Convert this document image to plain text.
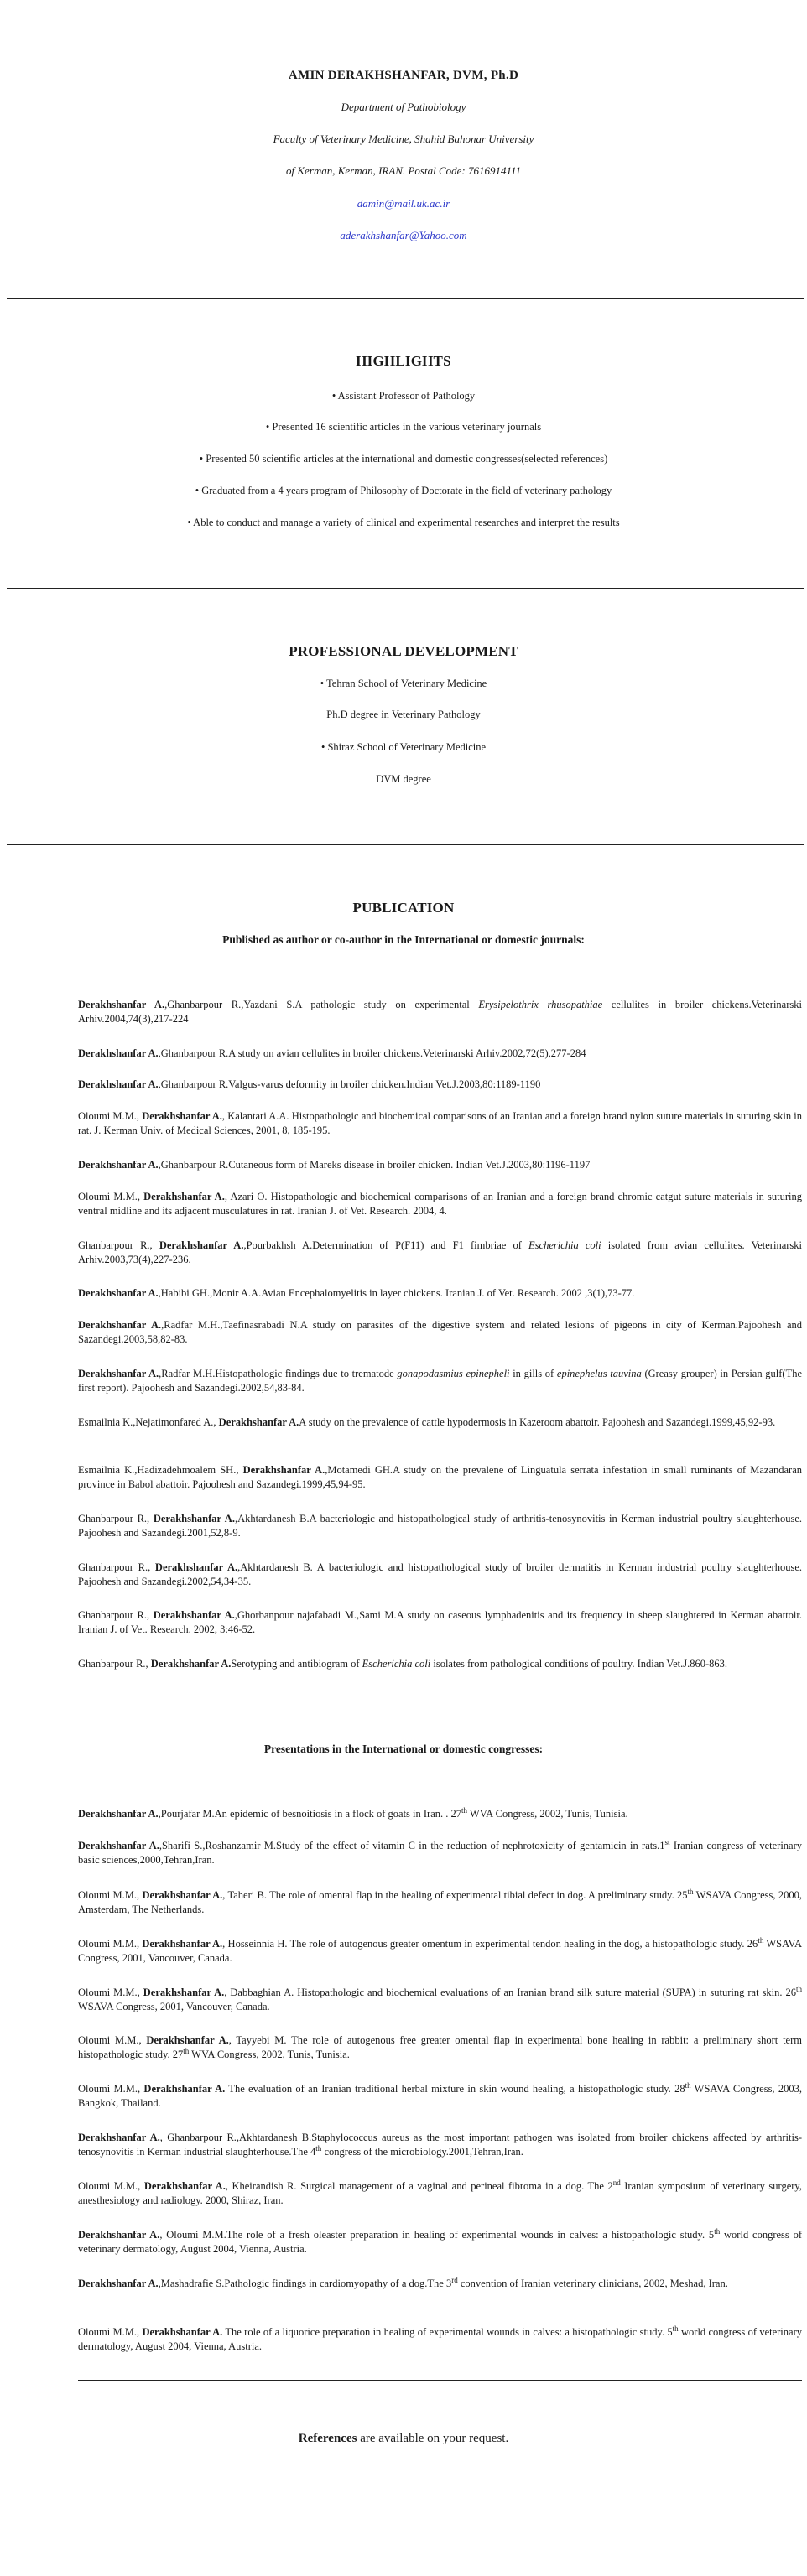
AMIN DERAKHSHANFAR, DVM, Ph.D
Department of Pathobiology
Faculty of Veterinary Medicine, Shahid Bahonar University
of Kerman, Kerman, IRAN. Postal Code: 7616914111
damin@mail.uk.ac.ir
aderakhshanfar@Yahoo.com
HIGHLIGHTS
• Assistant Professor of Pathology
• Presented 16 scientific articles in the various veterinary journals
• Presented 50 scientific articles at the international and domestic congresses(selected references)
• Graduated from a 4 years program of Philosophy of Doctorate in the field of veterinary pathology
• Able to conduct and manage a variety of clinical and experimental researches and interpret the results
PROFESSIONAL DEVELOPMENT
• Tehran School of Veterinary Medicine
Ph.D degree in Veterinary Pathology
• Shiraz School of Veterinary Medicine
DVM degree
PUBLICATION
Published as author or co-author in the International or domestic journals:
Derakhshanfar A.,Ghanbarpour R.,Yazdani S.A pathologic study on experimental Erysipelothrix rhusopathiae cellulites in broiler chickens.Veterinarski Arhiv.2004,74(3),217-224
Derakhshanfar A.,Ghanbarpour R.A study on avian cellulites in broiler chickens.Veterinarski Arhiv.2002,72(5),277-284
Derakhshanfar A.,Ghanbarpour R.Valgus-varus deformity in broiler chicken.Indian Vet.J.2003,80:1189-1190
Oloumi M.M., Derakhshanfar A., Kalantari A.A. Histopathologic and biochemical comparisons of an Iranian and a foreign brand nylon suture materials in suturing skin in rat. J. Kerman Univ. of Medical Sciences, 2001, 8, 185-195.
Derakhshanfar A.,Ghanbarpour R.Cutaneous form of Mareks disease in broiler chicken. Indian Vet.J.2003,80:1196-1197
Oloumi M.M., Derakhshanfar A., Azari O. Histopathologic and biochemical comparisons of an Iranian and a foreign brand chromic catgut suture materials in suturing ventral midline and its adjacent musculatures in rat. Iranian J. of Vet. Research. 2004, 4.
Ghanbarpour R., Derakhshanfar A.,Pourbakhsh A.Determination of P(F11) and F1 fimbriae of Escherichia coli isolated from avian cellulites. Veterinarski Arhiv.2003,73(4),227-236.
Derakhshanfar A.,Habibi GH.,Monir A.A.Avian Encephalomyelitis in layer chickens. Iranian J. of Vet. Research. 2002 ,3(1),73-77.
Derakhshanfar A.,Radfar M.H.,Taefinasrabadi N.A study on parasites of the digestive system and related lesions of pigeons in city of Kerman.Pajoohesh and Sazandegi.2003,58,82-83.
Derakhshanfar A.,Radfar M.H.Histopathologic findings due to trematode gonapodasmius epinepheli in gills of epinephelus tauvina (Greasy grouper) in Persian gulf(The first report). Pajoohesh and Sazandegi.2002,54,83-84.
Esmailnia K.,Nejatimonfared A., Derakhshanfar A.A study on the prevalence of cattle hypodermosis in Kazeroom abattoir. Pajoohesh and Sazandegi.1999,45,92-93.
Esmailnia K.,Hadizadehmoalem SH., Derakhshanfar A.,Motamedi GH.A study on the prevalene of Linguatula serrata infestation in small ruminants of Mazandaran province in Babol abattoir. Pajoohesh and Sazandegi.1999,45,94-95.
Ghanbarpour R., Derakhshanfar A.,Akhtardanesh B.A bacteriologic and histopathological study of arthritis-tenosynovitis in Kerman industrial poultry slaughterhouse. Pajoohesh and Sazandegi.2001,52,8-9.
Ghanbarpour R., Derakhshanfar A.,Akhtardanesh B. A bacteriologic and histopathological study of broiler dermatitis in Kerman industrial poultry slaughterhouse. Pajoohesh and Sazandegi.2002,54,34-35.
Ghanbarpour R., Derakhshanfar A.,Ghorbanpour najafabadi M.,Sami M.A study on caseous lymphadenitis and its frequency in sheep slaughtered in Kerman abattoir. Iranian J. of Vet. Research. 2002, 3:46-52.
Ghanbarpour R., Derakhshanfar A.Serotyping and antibiogram of Escherichia coli isolates from pathological conditions of poultry. Indian Vet.J.860-863.
Presentations in the International or domestic congresses:
Derakhshanfar A.,Pourjafar M.An epidemic of besnoitiosis in a flock of goats in Iran. . 27th WVA Congress, 2002, Tunis, Tunisia.
Derakhshanfar A.,Sharifi S.,Roshanzamir M.Study of the effect of vitamin C in the reduction of nephrotoxicity of gentamicin in rats.1st Iranian congress of veterinary basic sciences,2000,Tehran,Iran.
Oloumi M.M., Derakhshanfar A., Taheri B. The role of omental flap in the healing of experimental tibial defect in dog. A preliminary study. 25th WSAVA Congress, 2000, Amsterdam, The Netherlands.
Oloumi M.M., Derakhshanfar A., Hosseinnia H. The role of autogenous greater omentum in experimental tendon healing in the dog, a histopathologic study. 26th WSAVA Congress, 2001, Vancouver, Canada.
Oloumi M.M., Derakhshanfar A., Dabbaghian A. Histopathologic and biochemical evaluations of an Iranian brand silk suture material (SUPA) in suturing rat skin. 26th WSAVA Congress, 2001, Vancouver, Canada.
Oloumi M.M., Derakhshanfar A., Tayyebi M. The role of autogenous free greater omental flap in experimental bone healing in rabbit: a preliminary short term histopathologic study. 27th WVA Congress, 2002, Tunis, Tunisia.
Oloumi M.M., Derakhshanfar A. The evaluation of an Iranian traditional herbal mixture in skin wound healing, a histopathologic study. 28th WSAVA Congress, 2003, Bangkok, Thailand.
Derakhshanfar A., Ghanbarpour R.,Akhtardanesh B.Staphylococcus aureus as the most important pathogen was isolated from broiler chickens affected by arthritis-tenosynovitis in Kerman industrial slaughterhouse.The 4th congress of the microbiology.2001,Tehran,Iran.
Oloumi M.M., Derakhshanfar A., Kheirandish R. Surgical management of a vaginal and perineal fibroma in a dog. The 2nd Iranian symposium of veterinary surgery, anesthesiology and radiology. 2000, Shiraz, Iran.
Derakhshanfar A., Oloumi M.M.The role of a fresh oleaster preparation in healing of experimental wounds in calves: a histopathologic study. 5th world congress of veterinary dermatology, August 2004, Vienna, Austria.
Derakhshanfar A.,Mashadrafie S.Pathologic findings in cardiomyopathy of a dog.The 3rd convention of Iranian veterinary clinicians, 2002, Meshad, Iran.
Oloumi M.M., Derakhshanfar A. The role of a liquorice preparation in healing of experimental wounds in calves: a histopathologic study. 5th world congress of veterinary dermatology, August 2004, Vienna, Austria.
References are available on your request.
